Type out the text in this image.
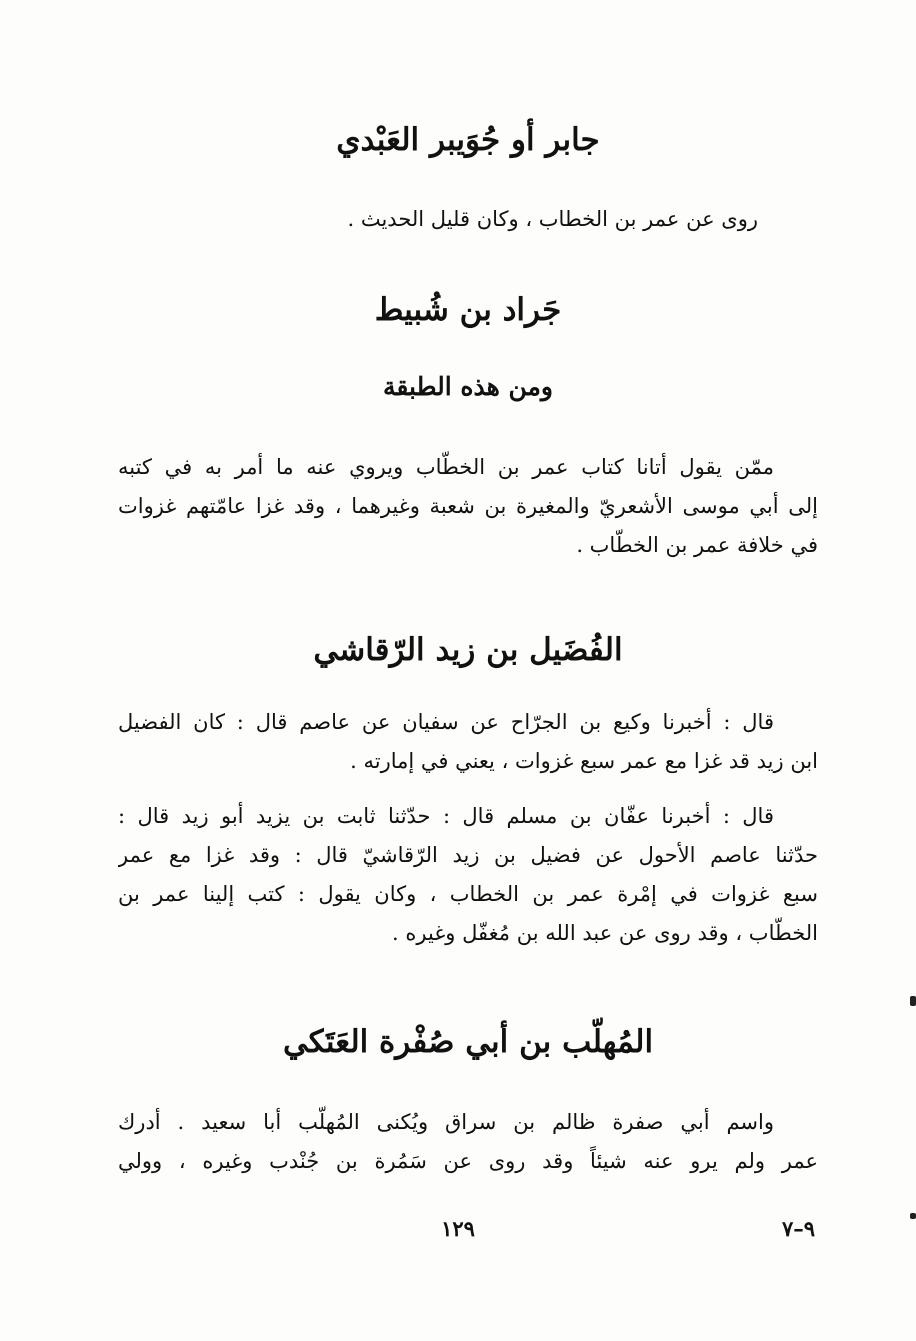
جابر أو جُوَيبر العَبْدي
روى عن عمر بن الخطاب ، وكان قليل الحديث .
جَراد بن شُبيط
ومن هذه الطبقة
ممّن يقول أتانا كتاب عمر بن الخطّاب ويروي عنه ما أمر به في كتبه
إلى أبي موسى الأشعريّ والمغيرة بن شعبة وغيرهما ، وقد غزا عامّتهم غزوات
في خلافة عمر بن الخطّاب .
الفُضَيل بن زيد الرّقاشي
قال : أخبرنا وكيع بن الجرّاح عن سفيان عن عاصم قال : كان الفضيل
ابن زيد قد غزا مع عمر سبع غزوات ، يعني في إمارته .
قال : أخبرنا عفّان بن مسلم قال : حدّثنا ثابت بن يزيد أبو زيد قال :
حدّثنا عاصم الأحول عن فضيل بن زيد الرّقاشيّ قال : وقد غزا مع عمر
سبع غزوات في إمْرة عمر بن الخطاب ، وكان يقول : كتب إلينا عمر بن
الخطّاب ، وقد روى عن عبد الله بن مُغفّل وغيره .
المُهلّب بن أبي صُفْرة العَتَكي
واسم أبي صفرة ظالم بن سراق ويُكنى المُهلّب أبا سعيد . أدرك
عمر ولم يرو عنه شيئاً وقد روى عن سَمُرة بن جُنْدب وغيره ، وولي
١٢٩	٩–٧
